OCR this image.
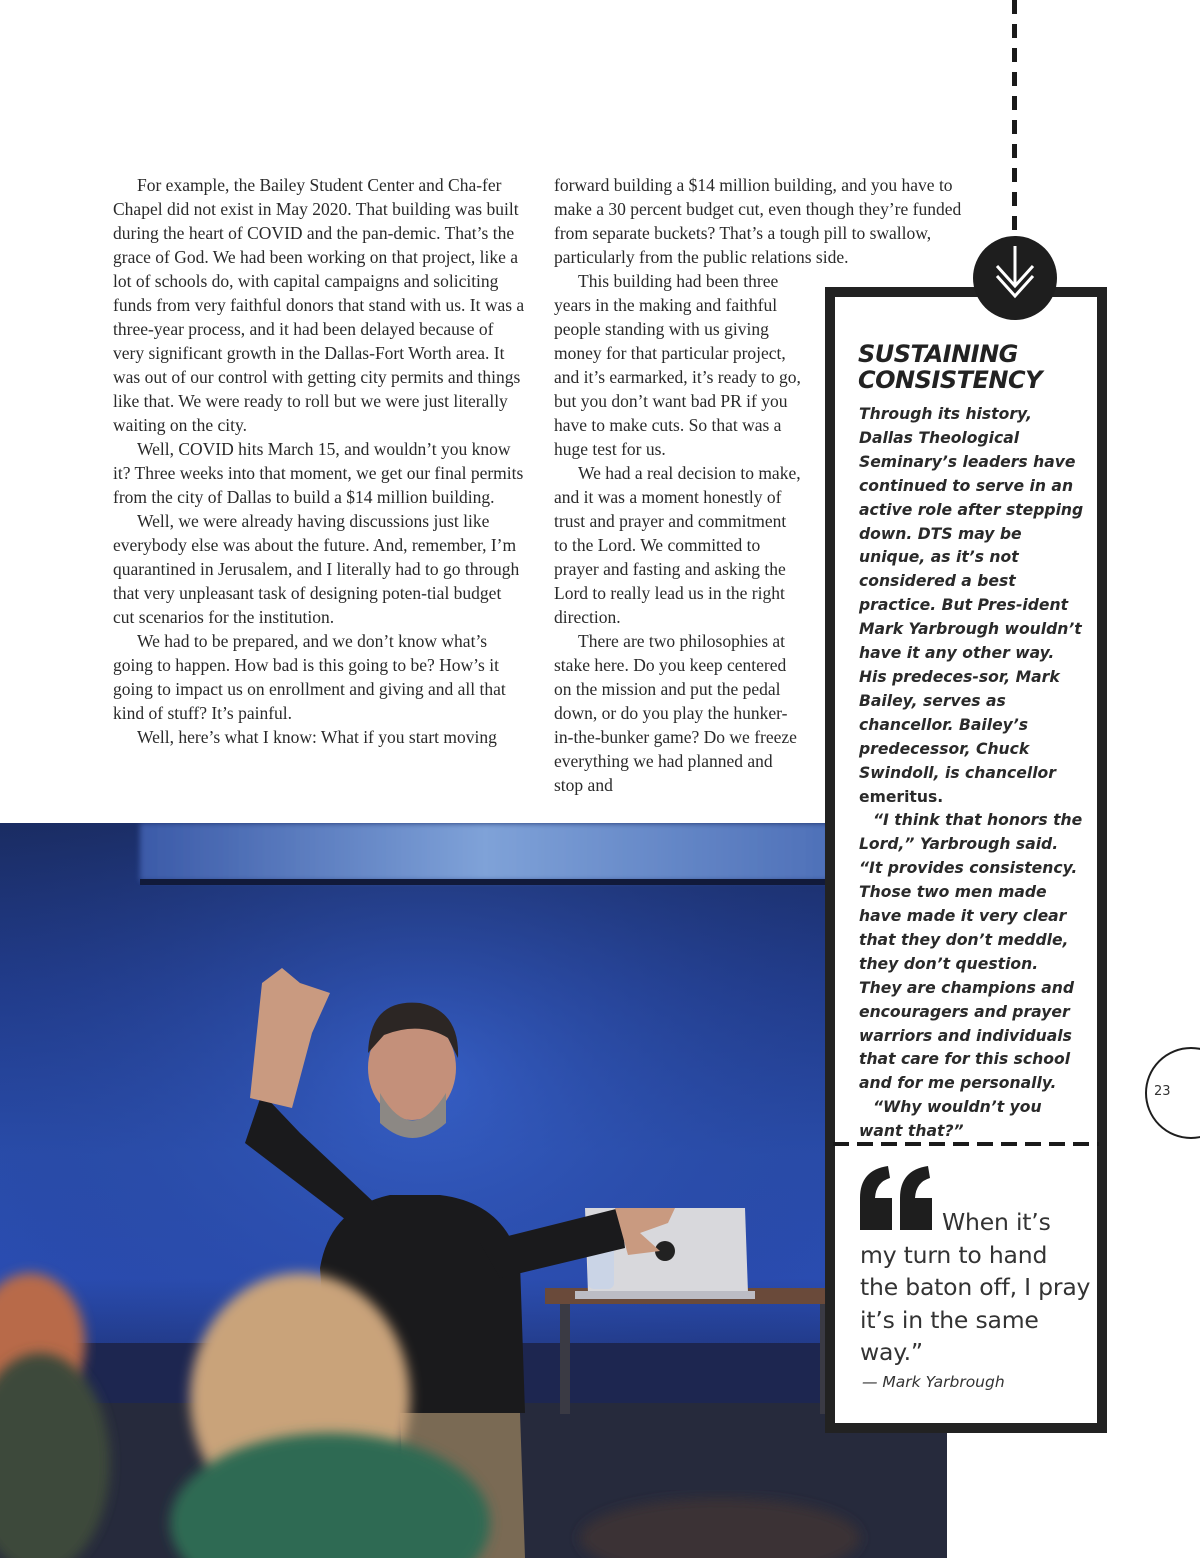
For example, the Bailey Student Center and Cha-fer Chapel did not exist in May 2020. That building was built during the heart of COVID and the pan-demic. That’s the grace of God. We had been working on that project, like a lot of schools do, with capital campaigns and soliciting funds from very faithful donors that stand with us. It was a three-year process, and it had been delayed because of very significant growth in the Dallas-Fort Worth area. It was out of our control with getting city permits and things like that. We were ready to roll but we were just literally waiting on the city.

Well, COVID hits March 15, and wouldn’t you know it? Three weeks into that moment, we get our final permits from the city of Dallas to build a $14 million building.

Well, we were already having discussions just like everybody else was about the future. And, remember, I’m quarantined in Jerusalem, and I literally had to go through that very unpleasant task of designing poten-tial budget cut scenarios for the institution.

We had to be prepared, and we don’t know what’s going to happen. How bad is this going to be? How’s it going to impact us on enrollment and giving and all that kind of stuff? It’s painful.

Well, here’s what I know: What if you start moving

forward building a $14 million building, and you have to make a 30 percent budget cut, even though they’re funded from separate buckets? That’s a tough pill to swallow, particularly from the public relations side.

This building had been three years in the making and faithful people standing with us giving money for that particular project, and it’s earmarked, it’s ready to go, but you don’t want bad PR if you have to make cuts. So that was a huge test for us.

We had a real decision to make, and it was a moment honestly of trust and prayer and commitment to the Lord. We committed to prayer and fasting and asking the Lord to really lead us in the right direction.

There are two philosophies at stake here. Do you keep centered on the mission and put the pedal down, or do you play the hunker-in-the-bunker game? Do we freeze everything we had planned and stop and

SUSTAINING
CONSISTENCY

Through its history, Dallas Theological Seminary’s leaders have continued to serve in an active role after stepping down. DTS may be unique, as it’s not considered a best practice. But Pres-ident Mark Yarbrough wouldn’t have it any other way. His predeces-sor, Mark Bailey, serves as chancellor. Bailey’s predecessor, Chuck Swindoll, is chancellor emeritus.

“I think that honors the Lord,” Yarbrough said. “It provides consistency. Those two men made have made it very clear that they don’t meddle, they don’t question. They are champions and encouragers and prayer warriors and individuals that care for this school and for me personally.

“Why wouldn’t you want that?”

When it’s my turn to hand the baton off, I pray it’s in the same way.”
— Mark Yarbrough
23
